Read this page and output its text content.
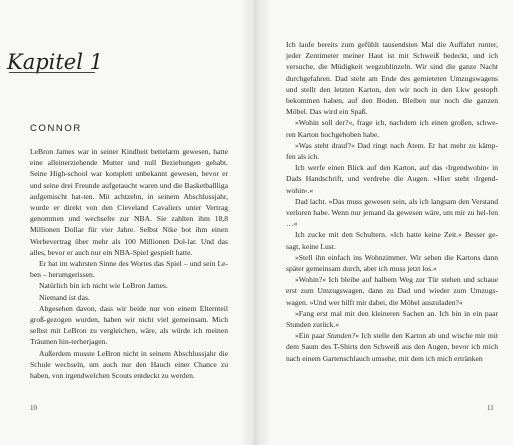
Kapitel 1
CONNOR

LeBron James war in seiner Kindheit bettelarm gewesen, hatte eine alleinerziehende Mutter und null Beziehungen gehabt. Seine High-school war komplett unbekannt gewesen, bevor er und seine drei Freunde aufgetaucht waren und die Basketballliga aufgemischt hat-ten. Mit achtzehn, in seinem Abschlussjahr, wurde er direkt von den Cleveland Cavaliers unter Vertrag genommen und wechselte zur NBA. Sie zahlten ihm 18,8 Millionen Dollar für vier Jahre. Selbst Nike bot ihm einen Werbevertrag über mehr als 100 Millionen Dol-lar. Und das alles, bevor er auch nur ein NBA-Spiel gespielt hatte.

Er hat im wahrsten Sinne des Wortes das Spiel – und sein Le-ben – herumgerissen.

Natürlich bin ich nicht wie LeBron James.

Niemand ist das.

Abgesehen davon, dass wir beide nur von einem Elternteil groß-gezogen wurden, haben wir nicht viel gemeinsam. Mich selbst mit LeBron zu vergleichen, wäre, als würde ich meinen Träumen hin-terherjagen.

Außerdem musste LeBron nicht in seinem Abschlussjahr die Schule wechseln, um auch nur den Hauch einer Chance zu haben, von irgendwelchen Scouts entdeckt zu werden.

10

Ich laufe bereits zum gefühlt tausendsten Mal die Auffahrt runter, jeder Zentimeter meiner Haut ist mit Schweiß bedeckt, und ich versuche, die Müdigkeit wegzublinzeln. Wir sind die ganze Nacht durchgefahren. Dad steht am Ende des gemieteten Umzugswagens und stellt den letzten Karton, den wir noch in den Lkw gestopft bekommen haben, auf den Boden. Bleiben nur noch die ganzen Möbel. Das wird ein Spaß.

»Wohin soll der?«, frage ich, nachdem ich einen großen, schwe-ren Karton hochgehoben habe.

»Was steht drauf?« Dad ringt nach Atem. Er hat mehr zu kämp-fen als ich.

Ich werfe einen Blick auf den Karton, auf das ›Irgendwohin‹ in Dads Handschrift, und verdrehe die Augen. »Hier steht ›Irgend-wohin‹.«

Dad lacht. »Das muss gewesen sein, als ich langsam den Verstand verloren habe. Wenn nur jemand da gewesen wäre, um mir zu hel-fen …«

Ich zucke mit den Schultern. »Ich hatte keine Zeit.« Besser ge-sagt, keine Lust.

»Stell ihn einfach ins Wohnzimmer. Wir sehen die Kartons dann später gemeinsam durch, aber ich muss jetzt los.«

»Wohin?« Ich bleibe auf halbem Weg zur Tür stehen und schaue erst zum Umzugswagen, dann zu Dad und wieder zum Umzugs-wagen. »Und wer hilft mir dabei, die Möbel auszuladen?«

»Fang erst mal mit den kleineren Sachen an. Ich bin in ein paar Stunden zurück.«

»Ein paar Stunden?« Ich stelle den Karton ab und wische mir mit dem Saum des T-Shirts den Schweiß aus den Augen, bevor ich mich nach einem Gartenschlauch umsehe, mit dem ich mich ertränken

11
